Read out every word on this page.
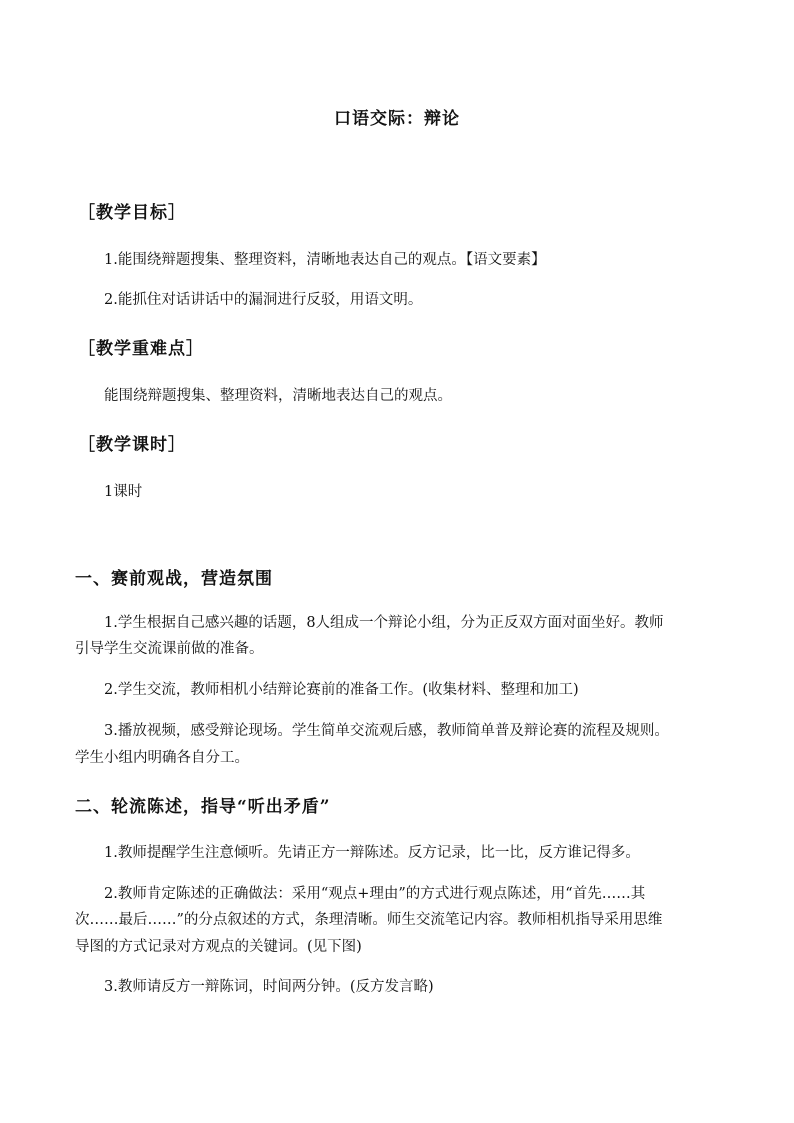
口语交际：辩论
［教学目标］
1.能围绕辩题搜集、整理资料，清晰地表达自己的观点。【语文要素】
2.能抓住对话讲话中的漏洞进行反驳，用语文明。
［教学重难点］
能围绕辩题搜集、整理资料，清晰地表达自己的观点。
［教学课时］
1课时
一、赛前观战，营造氛围
1.学生根据自己感兴趣的话题，8人组成一个辩论小组，分为正反双方面对面坐好。教师
引导学生交流课前做的准备。
2.学生交流，教师相机小结辩论赛前的准备工作。(收集材料、整理和加工)
3.播放视频，感受辩论现场。学生简单交流观后感，教师简单普及辩论赛的流程及规则。
学生小组内明确各自分工。
二、轮流陈述，指导“听出矛盾”
1.教师提醒学生注意倾听。先请正方一辩陈述。反方记录，比一比，反方谁记得多。
2.教师肯定陈述的正确做法：采用“观点+理由”的方式进行观点陈述，用“首先……其
次……最后……”的分点叙述的方式，条理清晰。师生交流笔记内容。教师相机指导采用思维
导图的方式记录对方观点的关键词。(见下图)
3.教师请反方一辩陈词，时间两分钟。(反方发言略)
